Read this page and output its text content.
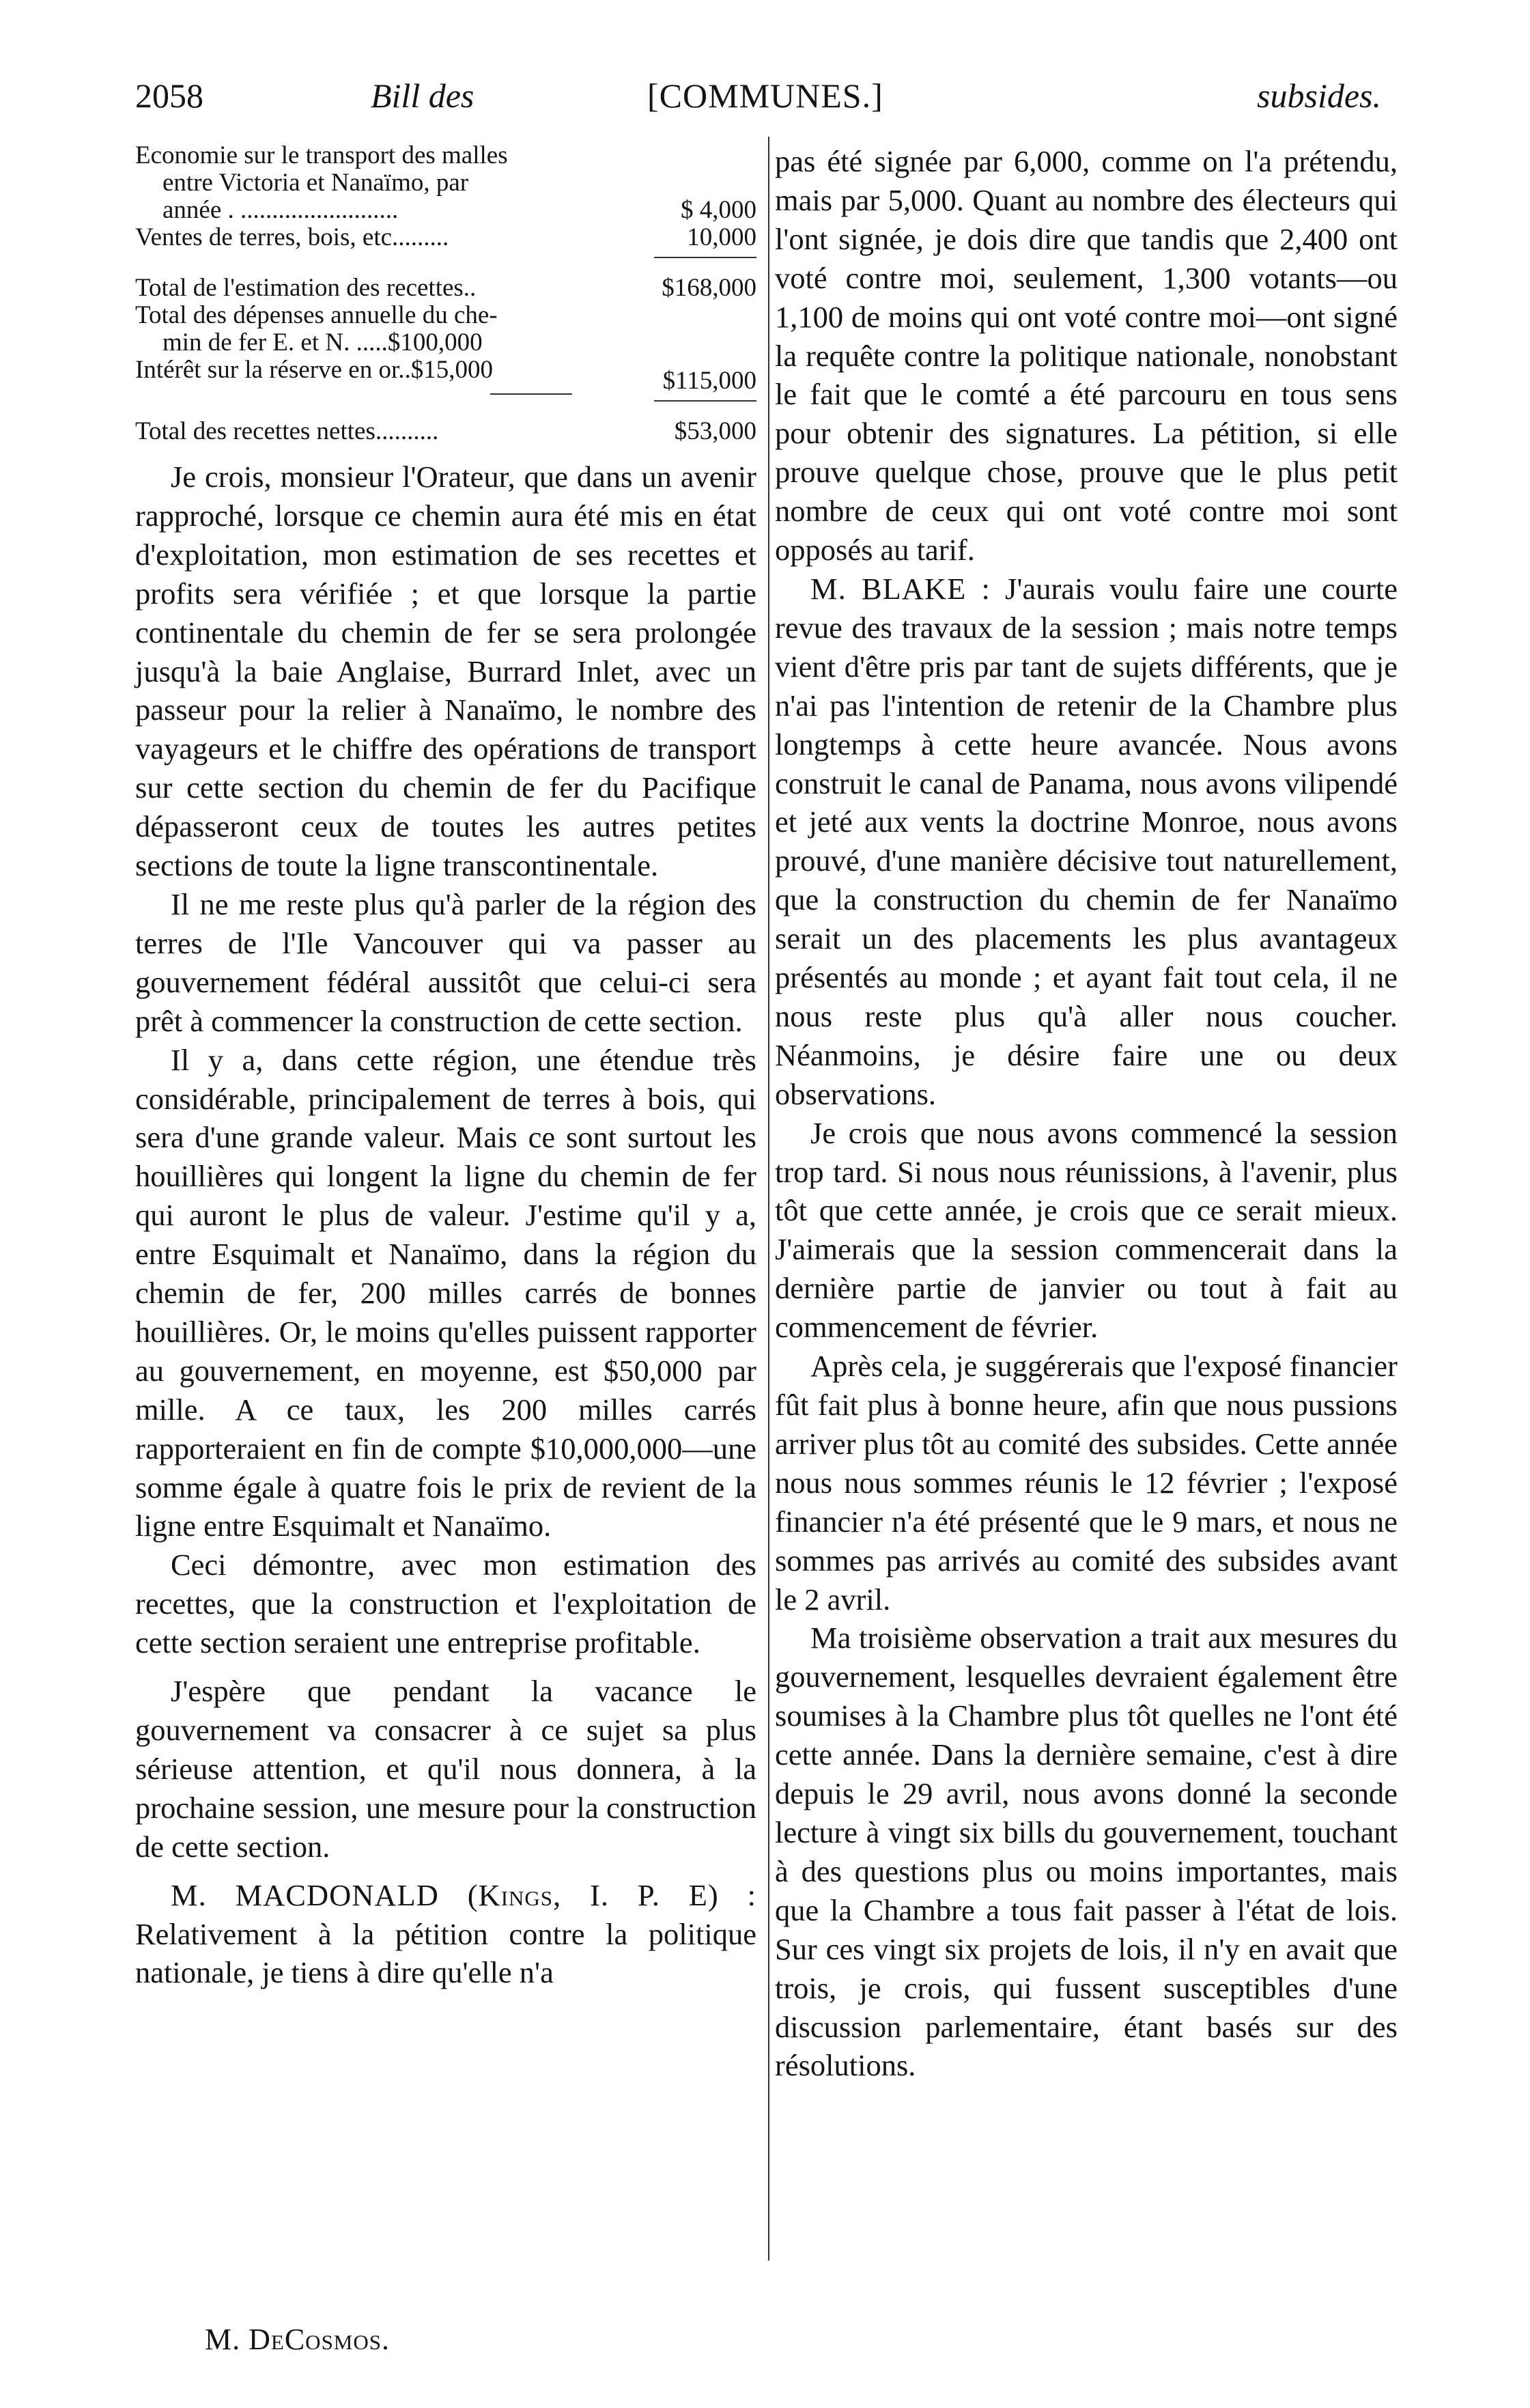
2058	Bill des	[COMMUNES.]	subsides.
Economie sur le transport des malles
entre Victoria et Nanaïmo, par
année . .........................	$ 4,000
Ventes de terres, bois, etc.........	10,000
Total de l'estimation des recettes..	$168,000
Total des dépenses annuelle du che-
min de fer E. et N. .....$100,000
Intérêt sur la réserve en or..$15,000	$115,000
Total des recettes nettes..........	$53,000

Je crois, monsieur l'Orateur, que dans un avenir rapproché, lorsque ce chemin aura été mis en état d'exploitation, mon estimation de ses recettes et profits sera vérifiée ; et que lorsque la partie continentale du chemin de fer se sera prolongée jusqu'à la baie Anglaise, Burrard Inlet, avec un passeur pour la relier à Nanaïmo, le nombre des vayageurs et le chiffre des opérations de transport sur cette section du chemin de fer du Pacifique dépasseront ceux de toutes les autres petites sections de toute la ligne transcontinentale.

Il ne me reste plus qu'à parler de la région des terres de l'Ile Vancouver qui va passer au gouvernement fédéral aussitôt que celui-ci sera prêt à commencer la construction de cette section.

Il y a, dans cette région, une étendue très considérable, principalement de terres à bois, qui sera d'une grande valeur. Mais ce sont surtout les houillières qui longent la ligne du chemin de fer qui auront le plus de valeur. J'estime qu'il y a, entre Esquimalt et Nanaïmo, dans la région du chemin de fer, 200 milles carrés de bonnes houillières. Or, le moins qu'elles puissent rapporter au gouvernement, en moyenne, est $50,000 par mille. A ce taux, les 200 milles carrés rapporteraient en fin de compte $10,000,000—une somme égale à quatre fois le prix de revient de la ligne entre Esquimalt et Nanaïmo.

Ceci démontre, avec mon estimation des recettes, que la construction et l'exploitation de cette section seraient une entreprise profitable.

J'espère que pendant la vacance le gouvernement va consacrer à ce sujet sa plus sérieuse attention, et qu'il nous donnera, à la prochaine session, une mesure pour la construction de cette section.

M. MACDONALD (Kings, I. P. E) : Relativement à la pétition contre la politique nationale, je tiens à dire qu'elle n'a

pas été signée par 6,000, comme on l'a prétendu, mais par 5,000. Quant au nombre des électeurs qui l'ont signée, je dois dire que tandis que 2,400 ont voté contre moi, seulement, 1,300 votants—ou 1,100 de moins qui ont voté contre moi—ont signé la requête contre la politique nationale, nonobstant le fait que le comté a été parcouru en tous sens pour obtenir des signatures. La pétition, si elle prouve quelque chose, prouve que le plus petit nombre de ceux qui ont voté contre moi sont opposés au tarif.

M. BLAKE : J'aurais voulu faire une courte revue des travaux de la session ; mais notre temps vient d'être pris par tant de sujets différents, que je n'ai pas l'intention de retenir de la Chambre plus longtemps à cette heure avancée. Nous avons construit le canal de Panama, nous avons vilipendé et jeté aux vents la doctrine Monroe, nous avons prouvé, d'une manière décisive tout naturellement, que la construction du chemin de fer Nanaïmo serait un des placements les plus avantageux présentés au monde ; et ayant fait tout cela, il ne nous reste plus qu'à aller nous coucher. Néanmoins, je désire faire une ou deux observations.

Je crois que nous avons commencé la session trop tard. Si nous nous réunissions, à l'avenir, plus tôt que cette année, je crois que ce serait mieux. J'aimerais que la session commencerait dans la dernière partie de janvier ou tout à fait au commencement de février.

Après cela, je suggérerais que l'exposé financier fût fait plus à bonne heure, afin que nous pussions arriver plus tôt au comité des subsides. Cette année nous nous sommes réunis le 12 février ; l'exposé financier n'a été présenté que le 9 mars, et nous ne sommes pas arrivés au comité des subsides avant le 2 avril.

Ma troisième observation a trait aux mesures du gouvernement, lesquelles devraient également être soumises à la Chambre plus tôt quelles ne l'ont été cette année. Dans la dernière semaine, c'est à dire depuis le 29 avril, nous avons donné la seconde lecture à vingt six bills du gouvernement, touchant à des questions plus ou moins importantes, mais que la Chambre a tous fait passer à l'état de lois. Sur ces vingt six projets de lois, il n'y en avait que trois, je crois, qui fussent susceptibles d'une discussion parlementaire, étant basés sur des résolutions.

M. DeCosmos.
